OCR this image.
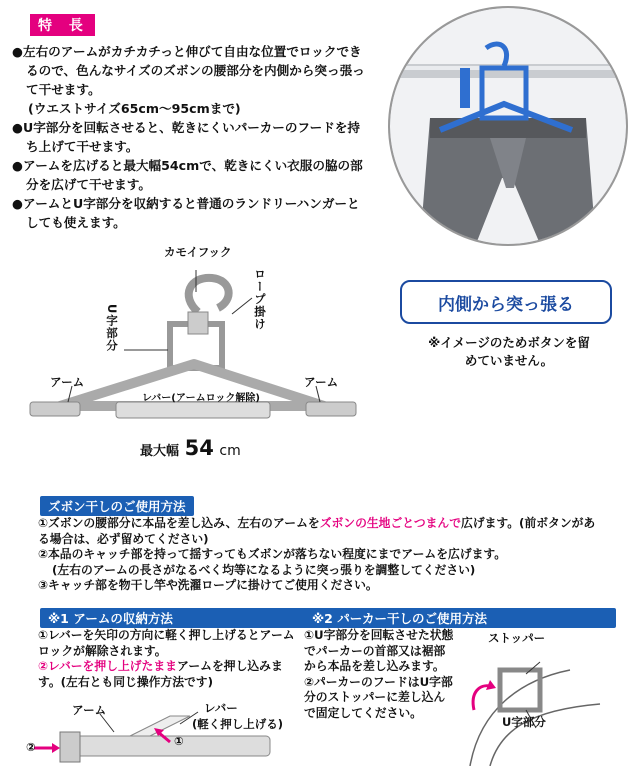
特 長

●左右のアームがカチカチっと伸びて自由な位置でロックできるので、色んなサイズのズボンの腰部分を内側から突っ張って干せます。

(ウエストサイズ65cm〜95cmまで)

●U字部分を回転させると、乾きにくいパーカーのフードを持ち上げて干せます。

●アームを広げると最大幅54cmで、乾きにくい衣服の脇の部分を広げて干せます。

●アームとU字部分を収納すると普通のランドリーハンガーとしても使えます。

内側から突っ張る
※イメージのためボタンを留めていません。
カモイフック
ロープ掛け
U字部分
アーム	アーム
レバー(アームロック解除)
最大幅 54 cm
ズボン干しのご使用方法

①ズボンの腰部分に本品を差し込み、左右のアームをズボンの生地ごとつまんで広げます。(前ボタンがある場合は、必ず留めてください)

②本品のキャッチ部を持って揺すってもズボンが落ちない程度にまでアームを広げます。

(左右のアームの長さがなるべく均等になるように突っ張りを調整してください)

③キャッチ部を物干し竿や洗濯ロープに掛けてご使用ください。

※1 アームの収納方法

①レバーを矢印の方向に軽く押し上げるとアームロックが解除されます。

②レバーを押し上げたままアームを押し込みます。(左右とも同じ操作方法です)

アーム	レバー
(軽く押し上げる)
①
②
※2 パーカー干しのご使用方法

①U字部分を回転させた状態でパーカーの首部又は裾部から本品を差し込みます。

②パーカーのフードはU字部分のストッパーに差し込んで固定してください。

ストッパー
U字部分
